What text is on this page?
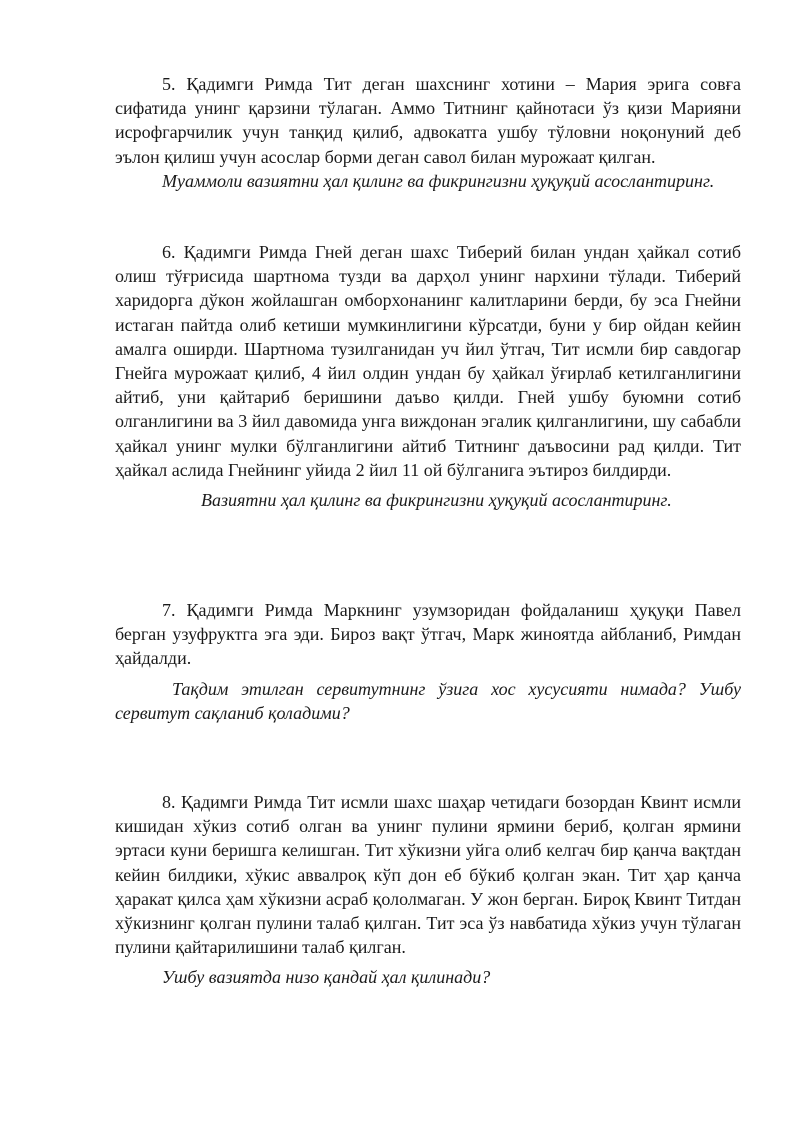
5. Қадимги Римда Тит деган шахснинг хотини – Мария эрига совға сифатида унинг қарзини тўлаган. Аммо Титнинг қайнотаси ўз қизи Марияни исрофгарчилик учун танқид қилиб, адвокатга ушбу тўловни ноқонуний деб эълон қилиш учун асослар борми деган савол билан мурожаат қилган.

Муаммоли вазиятни ҳал қилинг ва фикрингизни ҳуқуқий асослантиринг.

6. Қадимги Римда Гней деган шахс Тиберий билан ундан ҳайкал сотиб олиш тўғрисида шартнома тузди ва дарҳол унинг нархини тўлади. Тиберий харидорга дўкон жойлашган омборхонанинг калитларини берди, бу эса Гнейни истаган пайтда олиб кетиши мумкинлигини кўрсатди, буни у бир ойдан кейин амалга оширди. Шартнома тузилганидан уч йил ўтгач, Тит исмли бир савдогар Гнейга мурожаат қилиб, 4 йил олдин ундан бу ҳайкал ўғирлаб кетилганлигини айтиб, уни қайтариб беришини даъво қилди. Гней ушбу буюмни сотиб олганлигини ва 3 йил давомида унга виждонан эгалик қилганлигини, шу сабабли ҳайкал унинг мулки бўлганлигини айтиб Титнинг даъвосини рад қилди. Тит ҳайкал аслида Гнейнинг уйида 2 йил 11 ой бўлганига эътироз билдирди.

Вазиятни ҳал қилинг ва фикрингизни ҳуқуқий асослантиринг.

7. Қадимги Римда Маркнинг узумзоридан фойдаланиш ҳуқуқи Павел берган узуфруктга эга эди. Бироз вақт ўтгач, Марк жиноятда айбланиб, Римдан ҳайдалди.

Тақдим этилган сервитутнинг ўзига хос хусусияти нимада? Ушбу сервитут сақланиб қоладими?

8. Қадимги Римда Тит исмли шахс шаҳар четидаги бозордан Квинт исмли кишидан хўкиз сотиб олган ва унинг пулини ярмини бериб, қолган ярмини эртаси куни беришга келишган. Тит хўкизни уйга олиб келгач бир қанча вақтдан кейин билдики, хўкис аввалроқ кўп дон еб бўкиб қолган экан. Тит ҳар қанча ҳаракат қилса ҳам хўкизни асраб қололмаган. У жон берган. Бироқ Квинт Титдан хўкизнинг қолган пулини талаб қилган. Тит эса ўз навбатида хўкиз учун тўлаган пулини қайтарилишини талаб қилган.

Ушбу вазиятда низо қандай ҳал қилинади?
